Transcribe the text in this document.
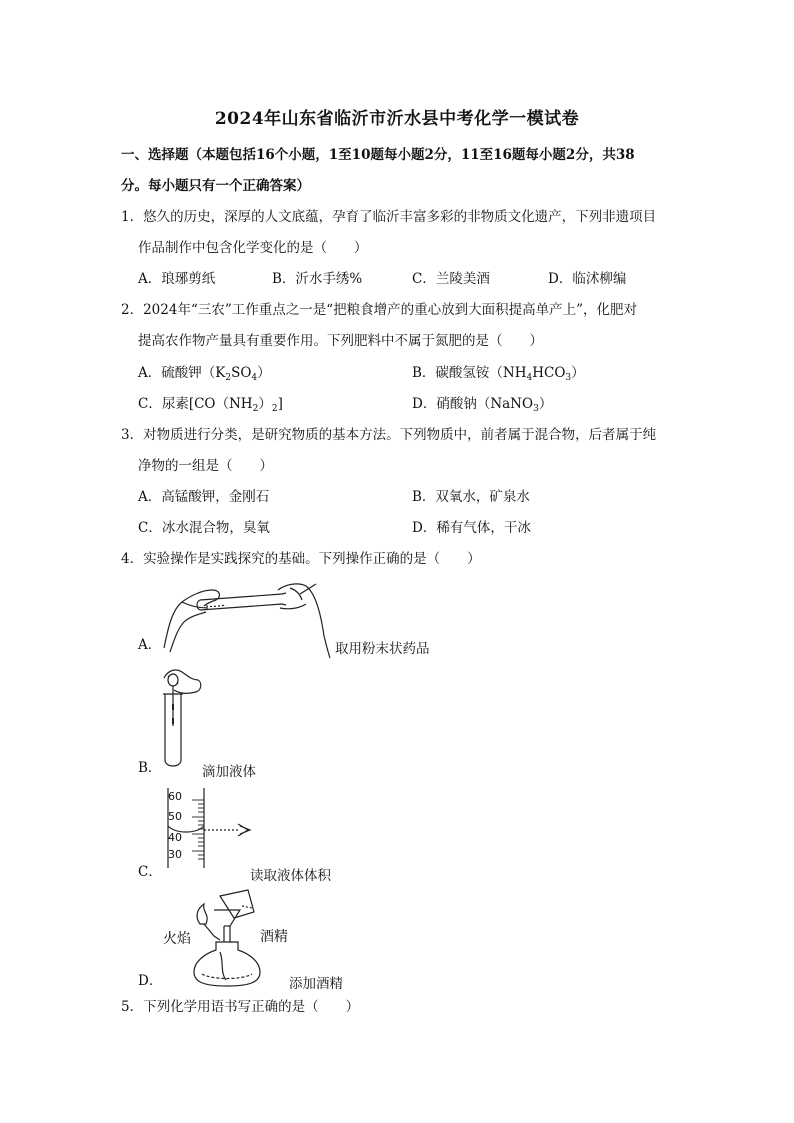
2024年山东省临沂市沂水县中考化学一模试卷
一、选择题（本题包括16个小题，1至10题每小题2分，11至16题每小题2分，共38
分。每小题只有一个正确答案）
1．悠久的历史，深厚的人文底蕴，孕育了临沂丰富多彩的非物质文化遗产，下列非遗项目
作品制作中包含化学变化的是（　　）
A．琅琊剪纸	B．沂水手绣%	C．兰陵美酒	D．临沭柳编
2．2024年“三农”工作重点之一是“把粮食增产的重心放到大面积提高单产上”，化肥对
提高农作物产量具有重要作用。下列肥料中不属于氮肥的是（　　）
A．硫酸钾$(K_2SO_4)$	B．碳酸氢铵$(NH_4HCO_3)$
C．尿素$[CO(NH_2)_2]$	D．硝酸钠（NaNO$_3$）
3．对物质进行分类，是研究物质的基本方法。下列物质中，前者属于混合物，后者属于纯
净物的一组是（　　）
A．高锰酸钾，金刚石	B．双氧水，矿泉水
C．冰水混合物，臭氧	D．稀有气体，干冰
4．实验操作是实践探究的基础。下列操作正确的是（　　）
A．	取用粉末状药品
B．	滴加液体
C．
60
50
40
30
读取液体体积
D．
火焰	酒精
添加酒精
5．下列化学用语书写正确的是（　　）
